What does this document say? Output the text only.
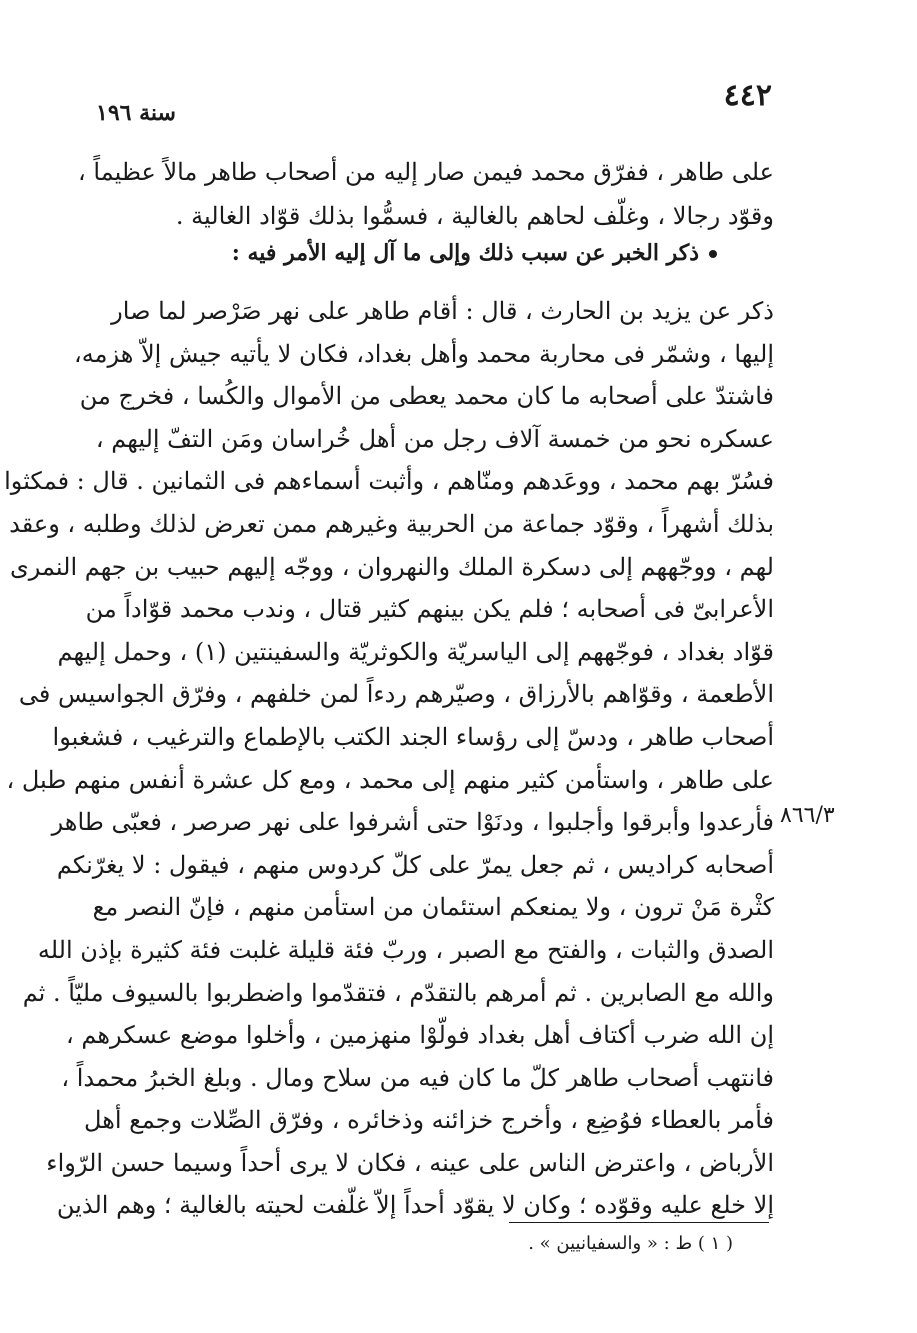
٤٤٢
سنة ١٩٦
على طاهر ، ففرّق محمد فيمن صار إليه من أصحاب طاهر مالاً عظيماً ،
وقوّد رجالا ، وغلّف لحاهم بالغالية ، فسمُّوا بذلك قوّاد الغالية .
ذكر الخبر عن سبب ذلك وإلى ما آل إليه الأمر فيه :
ذكر عن يزيد بن الحارث ، قال : أقام طاهر على نهر صَرْصر لما صار
إليها ، وشمّر فى محاربة محمد وأهل بغداد، فكان لا يأتيه جيش إلاّ هزمه،
فاشتدّ على أصحابه ما كان محمد يعطى من الأموال والكُسا ، فخرج من
عسكره نحو من خمسة آلاف رجل من أهل خُراسان ومَن التفّ إليهم ،
فسُرّ بهم محمد ، ووعَدهم ومنّاهم ، وأثبت أسماءهم فى الثمانين . قال : فمكثوا
بذلك أشهراً ، وقوّد جماعة من الحربية وغيرهم ممن تعرض لذلك وطلبه ، وعقد
لهم ، ووجّههم إلى دسكرة الملك والنهروان ، ووجّه إليهم حبيب بن جهم النمرى
الأعرابىّ فى أصحابه ؛ فلم يكن بينهم كثير قتال ، وندب محمد قوّاداً من
قوّاد بغداد ، فوجّههم إلى الياسريّة والكوثريّة والسفينتين (١) ، وحمل إليهم
الأطعمة ، وقوّاهم بالأرزاق ، وصيّرهم ردءاً لمن خلفهم ، وفرّق الجواسيس فى
أصحاب طاهر ، ودسّ إلى رؤساء الجند الكتب بالإطماع والترغيب ، فشغبوا
على طاهر ، واستأمن كثير منهم إلى محمد ، ومع كل عشرة أنفس منهم طبل ،
فأرعدوا وأبرقوا وأجلبوا ، ودنَوْا حتى أشرفوا على نهر صرصر ، فعبّى طاهر
أصحابه كراديس ، ثم جعل يمرّ على كلّ كردوس منهم ، فيقول : لا يغرّنكم
كثْرة مَنْ ترون ، ولا يمنعكم استئمان من استأمن منهم ، فإنّ النصر مع
الصدق والثبات ، والفتح مع الصبر ، وربّ فئة قليلة غلبت فئة كثيرة بإذن الله
والله مع الصابرين . ثم أمرهم بالتقدّم ، فتقدّموا واضطربوا بالسيوف مليّاً . ثم
إن الله ضرب أكتاف أهل بغداد فولّوْا منهزمين ، وأخلوا موضع عسكرهم ،
فانتهب أصحاب طاهر كلّ ما كان فيه من سلاح ومال . وبلغ الخبرُ محمداً ،
فأمر بالعطاء فوُضِع ، وأخرج خزائنه وذخائره ، وفرّق الصِّلات وجمع أهل
الأرباض ، واعترض الناس على عينه ، فكان لا يرى أحداً وسيما حسن الرّواء
إلا خلع عليه وقوّده ؛ وكان لا يقوّد أحداً إلاّ غلّفت لحيته بالغالية ؛ وهم الذين
٨٦٦/٣
( ١ ) ط : « والسفيانيين » .
